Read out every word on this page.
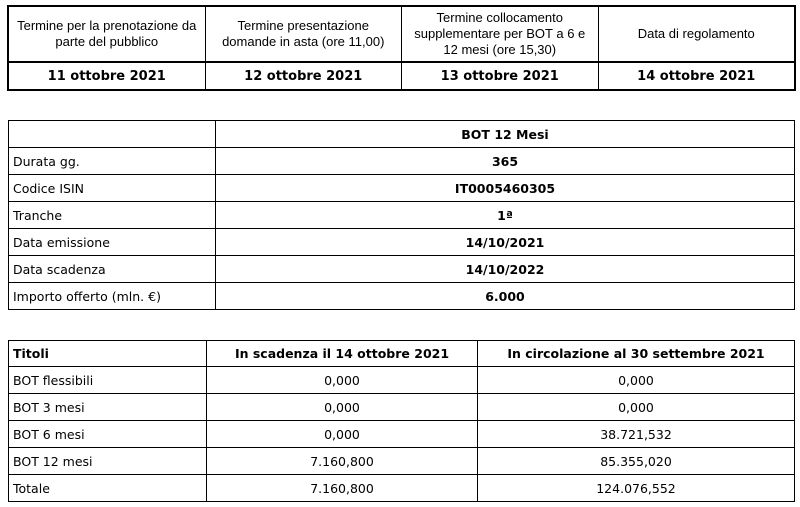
Termine per la prenotazione da parte del pubblico	Termine presentazione domande in asta (ore 11,00)	Termine collocamento supplementare per BOT a 6 e 12 mesi (ore 15,30)	Data di regolamento
11 ottobre 2021	12 ottobre 2021	13 ottobre 2021	14 ottobre 2021
	BOT 12 Mesi
Durata gg.	365
Codice ISIN	IT0005460305
Tranche	1ª
Data emissione	14/10/2021
Data scadenza	14/10/2022
Importo offerto (mln. €)	6.000
Titoli	In scadenza il 14 ottobre 2021	In circolazione al 30 settembre 2021
BOT flessibili	0,000	0,000
BOT 3 mesi	0,000	0,000
BOT 6 mesi	0,000	38.721,532
BOT 12 mesi	7.160,800	85.355,020
Totale	7.160,800	124.076,552
